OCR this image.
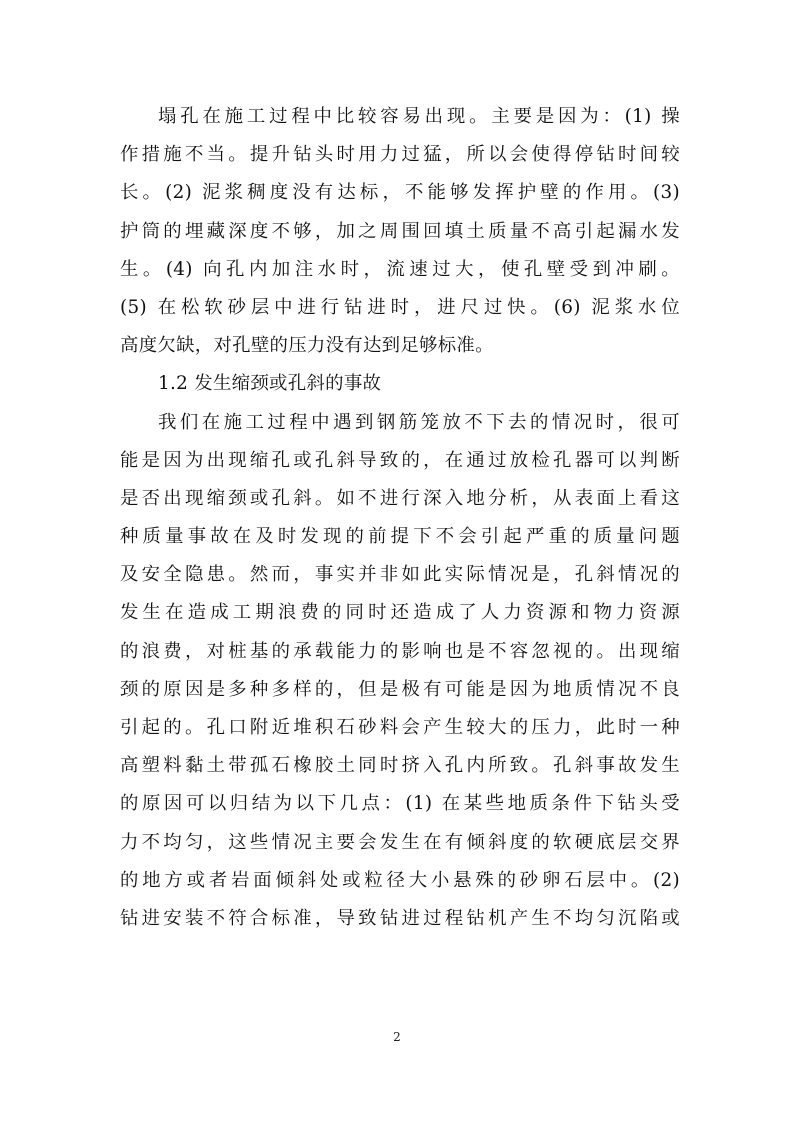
塌孔在施工过程中比较容易出现。主要是因为：(1) 操
作措施不当。提升钻头时用力过猛，所以会使得停钻时间较
长。(2) 泥浆稠度没有达标，不能够发挥护壁的作用。(3)
护筒的埋藏深度不够，加之周围回填土质量不高引起漏水发
生。(4) 向孔内加注水时，流速过大，使孔壁受到冲刷。
(5) 在松软砂层中进行钻进时，进尺过快。(6) 泥浆水位
高度欠缺，对孔壁的压力没有达到足够标准。
1.2 发生缩颈或孔斜的事故
我们在施工过程中遇到钢筋笼放不下去的情况时，很可
能是因为出现缩孔或孔斜导致的，在通过放检孔器可以判断
是否出现缩颈或孔斜。如不进行深入地分析，从表面上看这
种质量事故在及时发现的前提下不会引起严重的质量问题
及安全隐患。然而，事实并非如此实际情况是，孔斜情况的
发生在造成工期浪费的同时还造成了人力资源和物力资源
的浪费，对桩基的承载能力的影响也是不容忽视的。出现缩
颈的原因是多种多样的，但是极有可能是因为地质情况不良
引起的。孔口附近堆积石砂料会产生较大的压力，此时一种
高塑料黏土带孤石橡胶土同时挤入孔内所致。孔斜事故发生
的原因可以归结为以下几点：(1) 在某些地质条件下钻头受
力不均匀，这些情况主要会发生在有倾斜度的软硬底层交界
的地方或者岩面倾斜处或粒径大小悬殊的砂卵石层中。(2)
钻进安装不符合标准，导致钻进过程钻机产生不均匀沉陷或
2
